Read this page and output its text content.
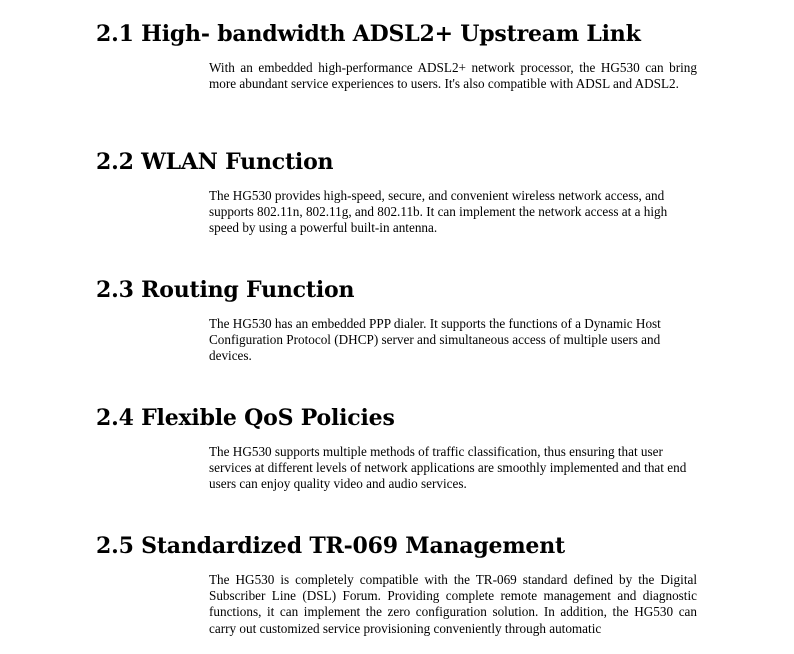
2.1 High- bandwidth ADSL2+ Upstream Link

With an embedded high-performance ADSL2+ network processor, the HG530 can bring more abundant service experiences to users. It's also compatible with ADSL and ADSL2.

2.2 WLAN Function

The HG530 provides high-speed, secure, and convenient wireless network access, and supports 802.11n, 802.11g, and 802.11b. It can implement the network access at a high speed by using a powerful built-in antenna.

2.3 Routing Function

The HG530 has an embedded PPP dialer. It supports the functions of a Dynamic Host Configuration Protocol (DHCP) server and simultaneous access of multiple users and devices.

2.4 Flexible QoS Policies

The HG530 supports multiple methods of traffic classification, thus ensuring that user services at different levels of network applications are smoothly implemented and that end users can enjoy quality video and audio services.

2.5 Standardized TR-069 Management

The HG530 is completely compatible with the TR-069 standard defined by the Digital Subscriber Line (DSL) Forum. Providing complete remote management and diagnostic functions, it can implement the zero configuration solution. In addition, the HG530 can carry out customized service provisioning conveniently through automatic
